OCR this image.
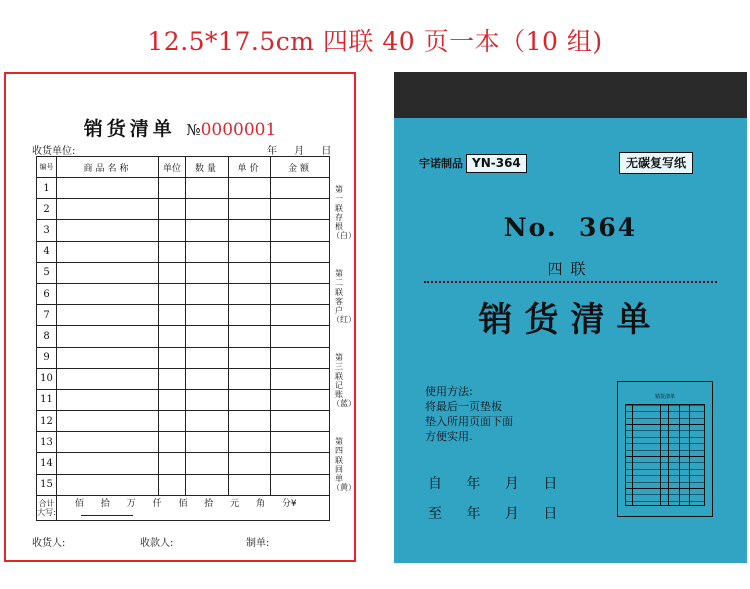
12.5*17.5cm 四联 40 页一本（10 组)
销货清单 №0000001
收货单位:	年 月 日
编号	商品名称	单位	数量	单价	金额
1					
2					
3					
4					
5					
6					
7					
8					
9					
10					
11					
12					
13					
14					
15					
合计大写:	佰 拾 万 仟 佰 拾 元 角 分¥				
第一联存根（白）
第二联客户（红）
第三联记账（蓝）
第四联回单（黄）
收货人:	收款人:	制单:
宇诺制品 YN-364	无碳复写纸
No.  364
四联
销货清单
使用方法:
将最后一页垫板
垫入所用页面下面
方便实用.
自 年 月 日
至 年 月 日
销货清单
